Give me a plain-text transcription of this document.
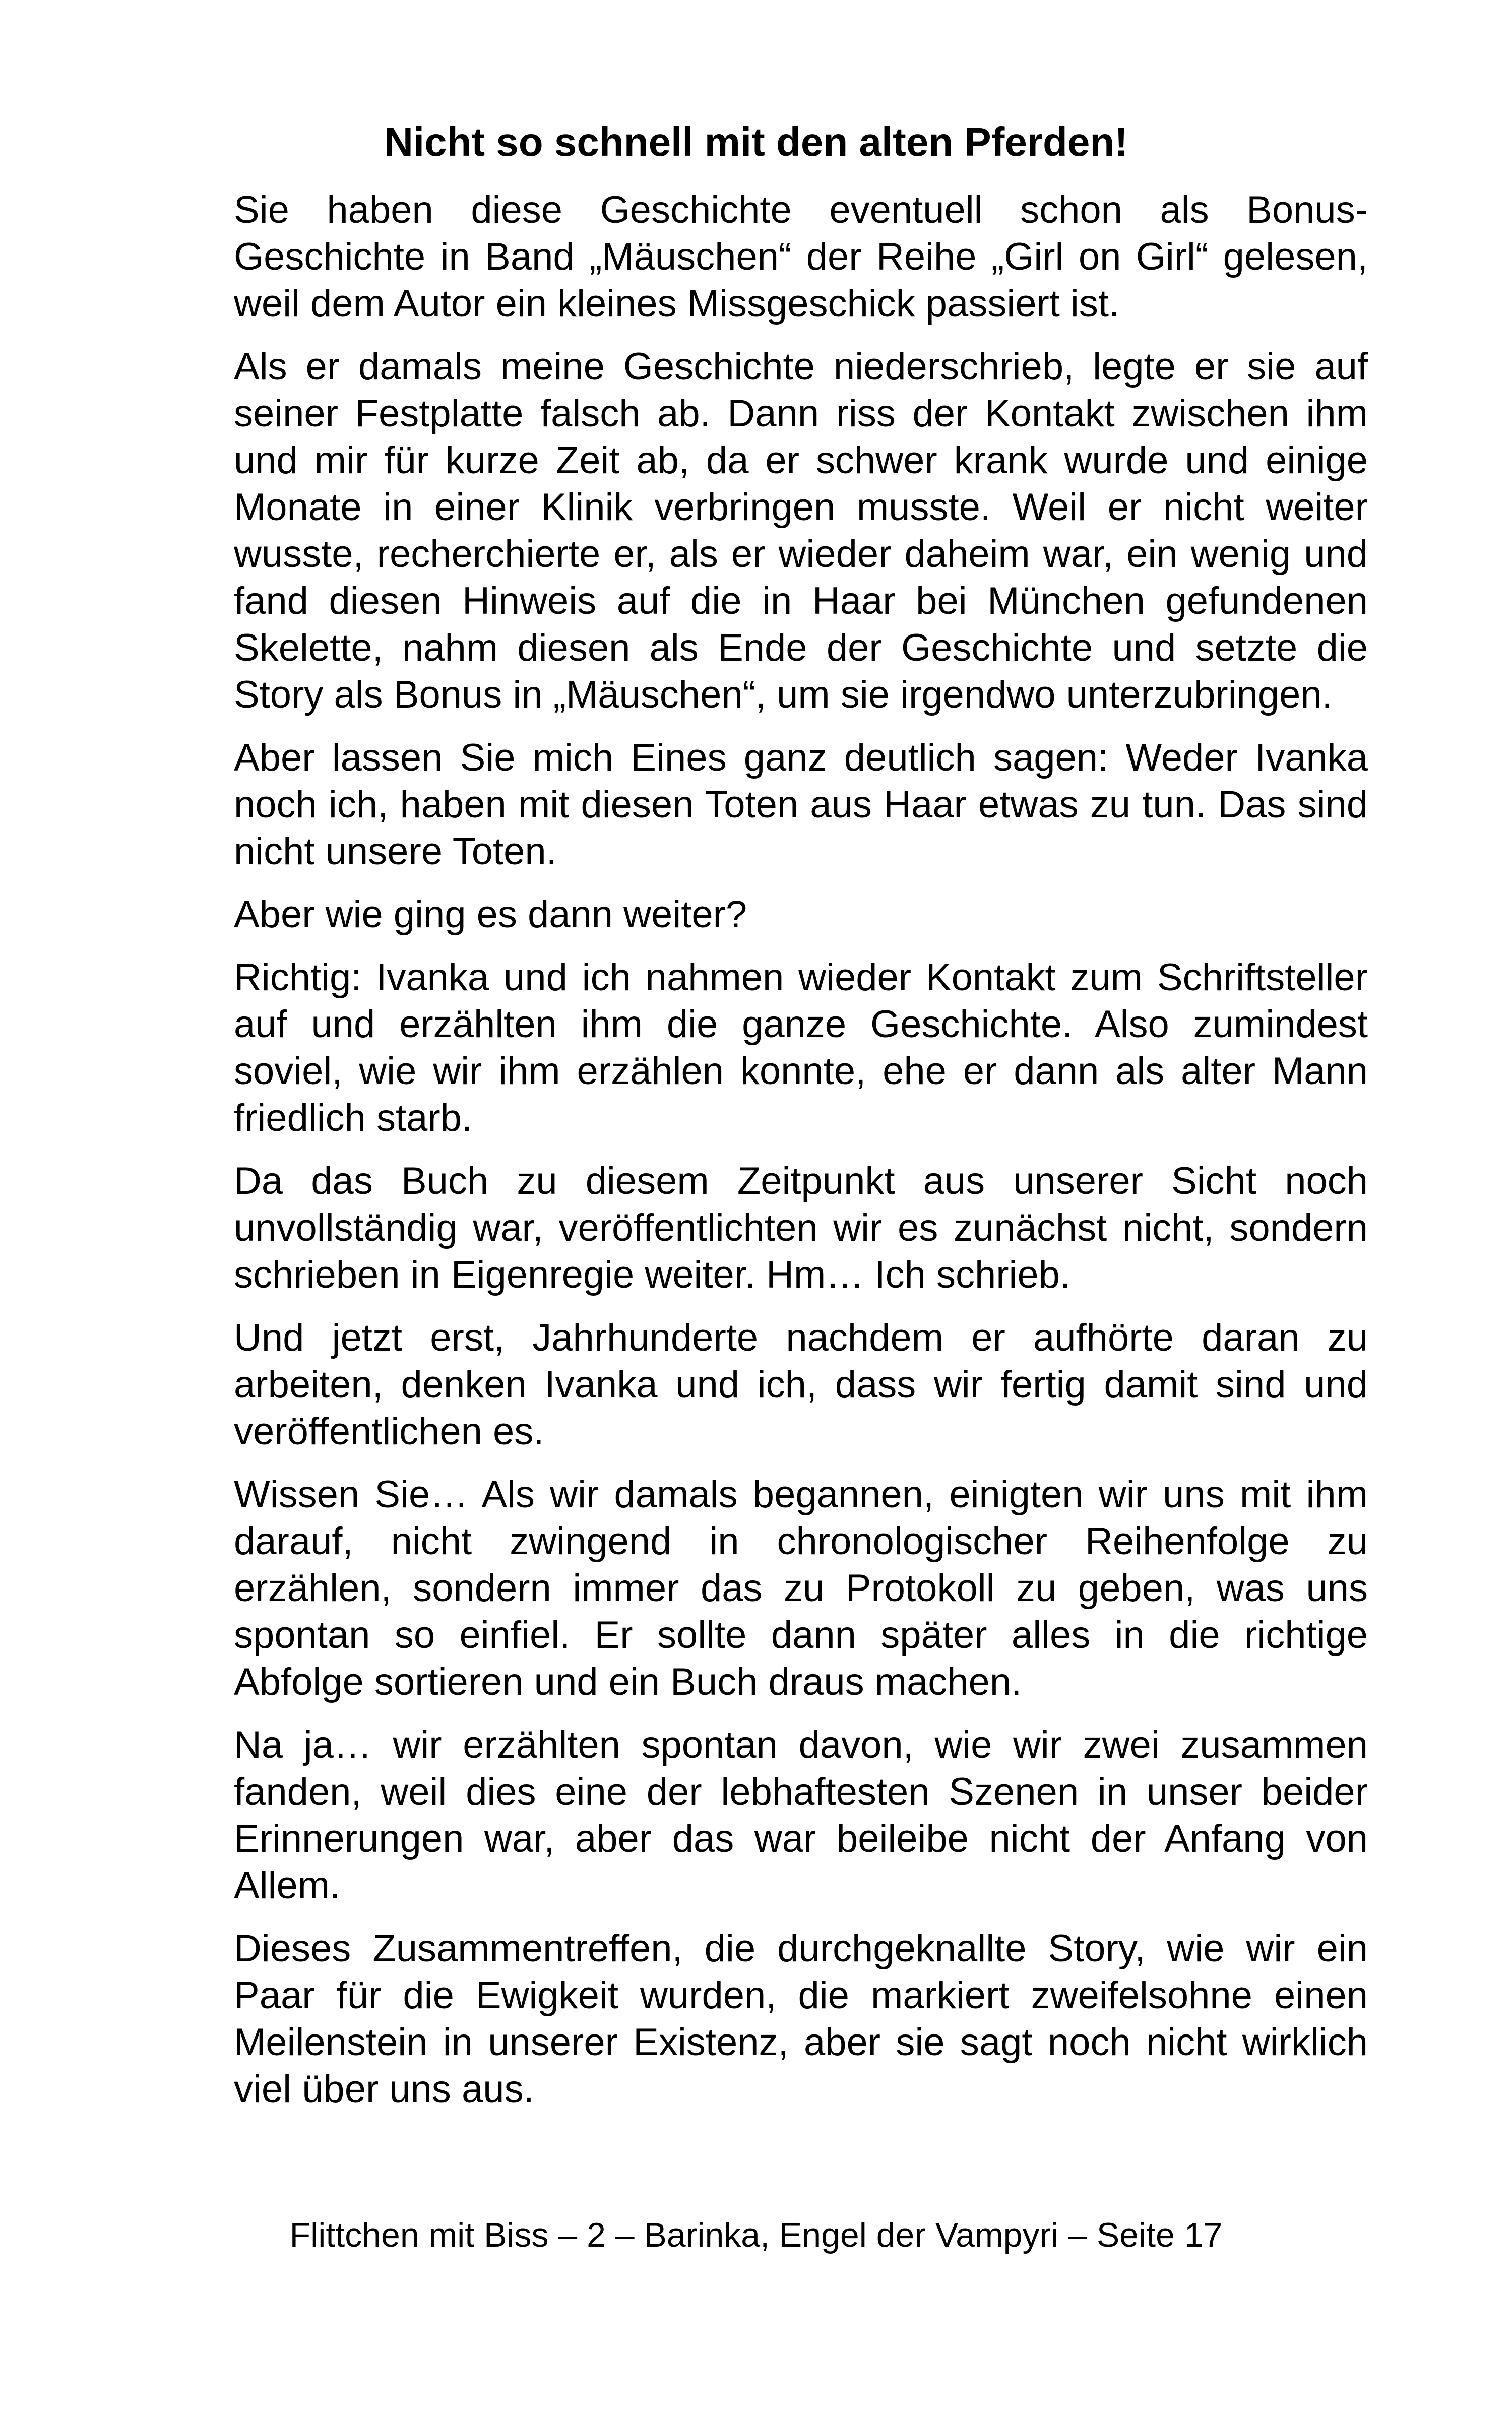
Nicht so schnell mit den alten Pferden!

Sie haben diese Geschichte eventuell schon als Bonus-Geschichte in Band „Mäuschen“ der Reihe „Girl on Girl“ gelesen, weil dem Autor ein kleines Missgeschick passiert ist.

Als er damals meine Geschichte niederschrieb, legte er sie auf seiner Festplatte falsch ab. Dann riss der Kontakt zwischen ihm und mir für kurze Zeit ab, da er schwer krank wurde und einige Monate in einer Klinik verbringen musste. Weil er nicht weiter wusste, recherchierte er, als er wieder daheim war, ein wenig und fand diesen Hinweis auf die in Haar bei München gefundenen Skelette, nahm diesen als Ende der Geschichte und setzte die Story als Bonus in „Mäuschen“, um sie irgendwo unterzubringen.

Aber lassen Sie mich Eines ganz deutlich sagen: Weder Ivanka noch ich, haben mit diesen Toten aus Haar etwas zu tun. Das sind nicht unsere Toten.

Aber wie ging es dann weiter?

Richtig: Ivanka und ich nahmen wieder Kontakt zum Schriftsteller auf und erzählten ihm die ganze Geschichte. Also zumindest soviel, wie wir ihm erzählen konnte, ehe er dann als alter Mann friedlich starb.

Da das Buch zu diesem Zeitpunkt aus unserer Sicht noch unvollständig war, veröffentlichten wir es zunächst nicht, sondern schrieben in Eigenregie weiter. Hm… Ich schrieb.

Und jetzt erst, Jahrhunderte nachdem er aufhörte daran zu arbeiten, denken Ivanka und ich, dass wir fertig damit sind und veröffentlichen es.

Wissen Sie… Als wir damals begannen, einigten wir uns mit ihm darauf, nicht zwingend in chronologischer Reihenfolge zu erzählen, sondern immer das zu Protokoll zu geben, was uns spontan so einfiel. Er sollte dann später alles in die richtige Abfolge sortieren und ein Buch draus machen.

Na ja… wir erzählten spontan davon, wie wir zwei zusammen fanden, weil dies eine der lebhaftesten Szenen in unser beider Erinnerungen war, aber das war beileibe nicht der Anfang von Allem.

Dieses Zusammentreffen, die durchgeknallte Story, wie wir ein Paar für die Ewigkeit wurden, die markiert zweifelsohne einen Meilenstein in unserer Existenz, aber sie sagt noch nicht wirklich viel über uns aus.

Flittchen mit Biss – 2 – Barinka, Engel der Vampyri – Seite 17
